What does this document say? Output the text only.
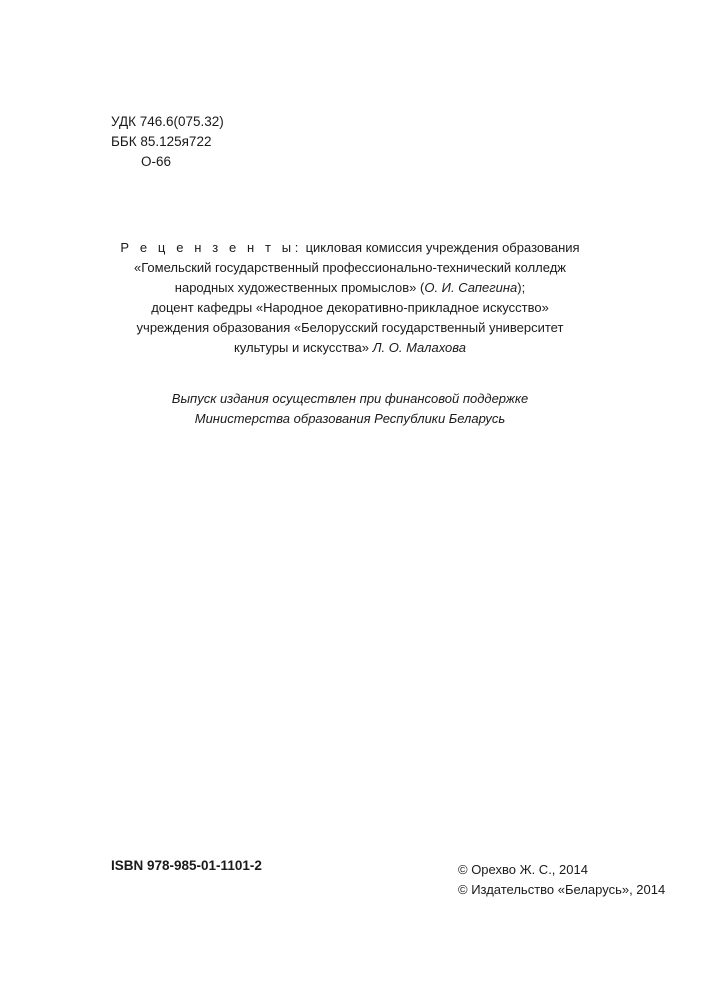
УДК 746.6(075.32)
ББК 85.125я722
О-66
Р е ц е н з е н т ы: цикловая комиссия учреждения образования
«Гомельский государственный профессионально-технический колледж
народных художественных промыслов» (О. И. Сапегина);
доцент кафедры «Народное декоративно-прикладное искусство»
учреждения образования «Белорусский государственный университет
культуры и искусства» Л. О. Малахова
Выпуск издания осуществлен при финансовой поддержке
Министерства образования Республики Беларусь
ISBN 978-985-01-1101-2	© Орехво Ж. С., 2014
© Издательство «Беларусь», 2014
